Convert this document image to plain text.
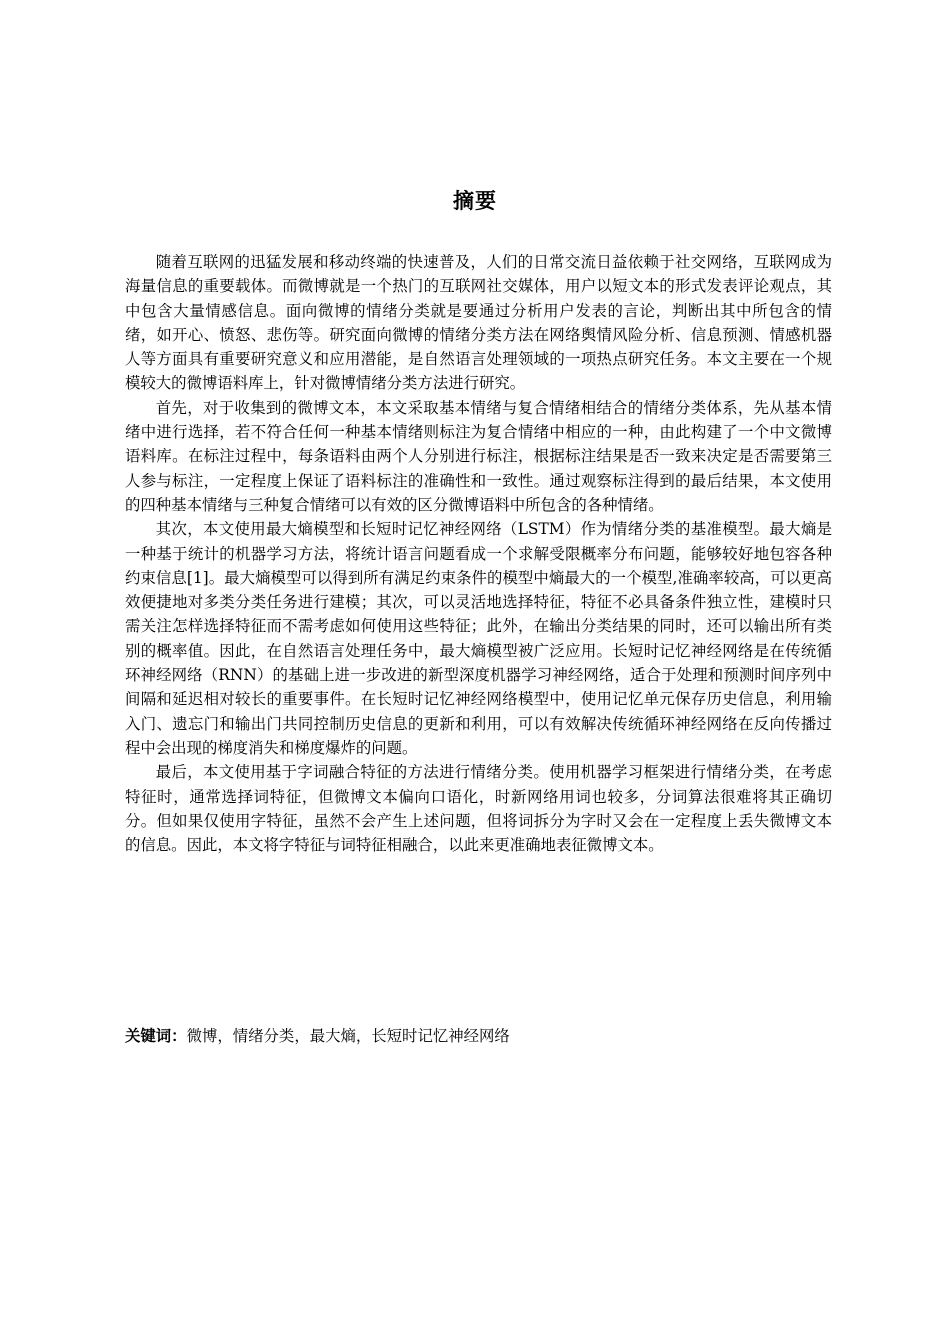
摘要

随着互联网的迅猛发展和移动终端的快速普及，人们的日常交流日益依赖于社交网络，互联网成为海量信息的重要载体。而微博就是一个热门的互联网社交媒体，用户以短文本的形式发表评论观点，其中包含大量情感信息。面向微博的情绪分类就是要通过分析用户发表的言论，判断出其中所包含的情绪，如开心、愤怒、悲伤等。研究面向微博的情绪分类方法在网络舆情风险分析、信息预测、情感机器人等方面具有重要研究意义和应用潜能，是自然语言处理领域的一项热点研究任务。本文主要在一个规模较大的微博语料库上，针对微博情绪分类方法进行研究。

首先，对于收集到的微博文本，本文采取基本情绪与复合情绪相结合的情绪分类体系，先从基本情绪中进行选择，若不符合任何一种基本情绪则标注为复合情绪中相应的一种，由此构建了一个中文微博语料库。在标注过程中，每条语料由两个人分别进行标注，根据标注结果是否一致来决定是否需要第三人参与标注，一定程度上保证了语料标注的准确性和一致性。通过观察标注得到的最后结果，本文使用的四种基本情绪与三种复合情绪可以有效的区分微博语料中所包含的各种情绪。

其次，本文使用最大熵模型和长短时记忆神经网络（LSTM）作为情绪分类的基准模型。最大熵是一种基于统计的机器学习方法，将统计语言问题看成一个求解受限概率分布问题，能够较好地包容各种约束信息[1]。最大熵模型可以得到所有满足约束条件的模型中熵最大的一个模型,准确率较高，可以更高效便捷地对多类分类任务进行建模；其次，可以灵活地选择特征，特征不必具备条件独立性，建模时只需关注怎样选择特征而不需考虑如何使用这些特征；此外，在输出分类结果的同时，还可以输出所有类别的概率值。因此，在自然语言处理任务中，最大熵模型被广泛应用。长短时记忆神经网络是在传统循环神经网络（RNN）的基础上进一步改进的新型深度机器学习神经网络，适合于处理和预测时间序列中间隔和延迟相对较长的重要事件。在长短时记忆神经网络模型中，使用记忆单元保存历史信息，利用输入门、遗忘门和输出门共同控制历史信息的更新和利用，可以有效解决传统循环神经网络在反向传播过程中会出现的梯度消失和梯度爆炸的问题。

最后，本文使用基于字词融合特征的方法进行情绪分类。使用机器学习框架进行情绪分类，在考虑特征时，通常选择词特征，但微博文本偏向口语化，时新网络用词也较多，分词算法很难将其正确切分。但如果仅使用字特征，虽然不会产生上述问题，但将词拆分为字时又会在一定程度上丢失微博文本的信息。因此，本文将字特征与词特征相融合，以此来更准确地表征微博文本。

关键词：微博，情绪分类，最大熵，长短时记忆神经网络
